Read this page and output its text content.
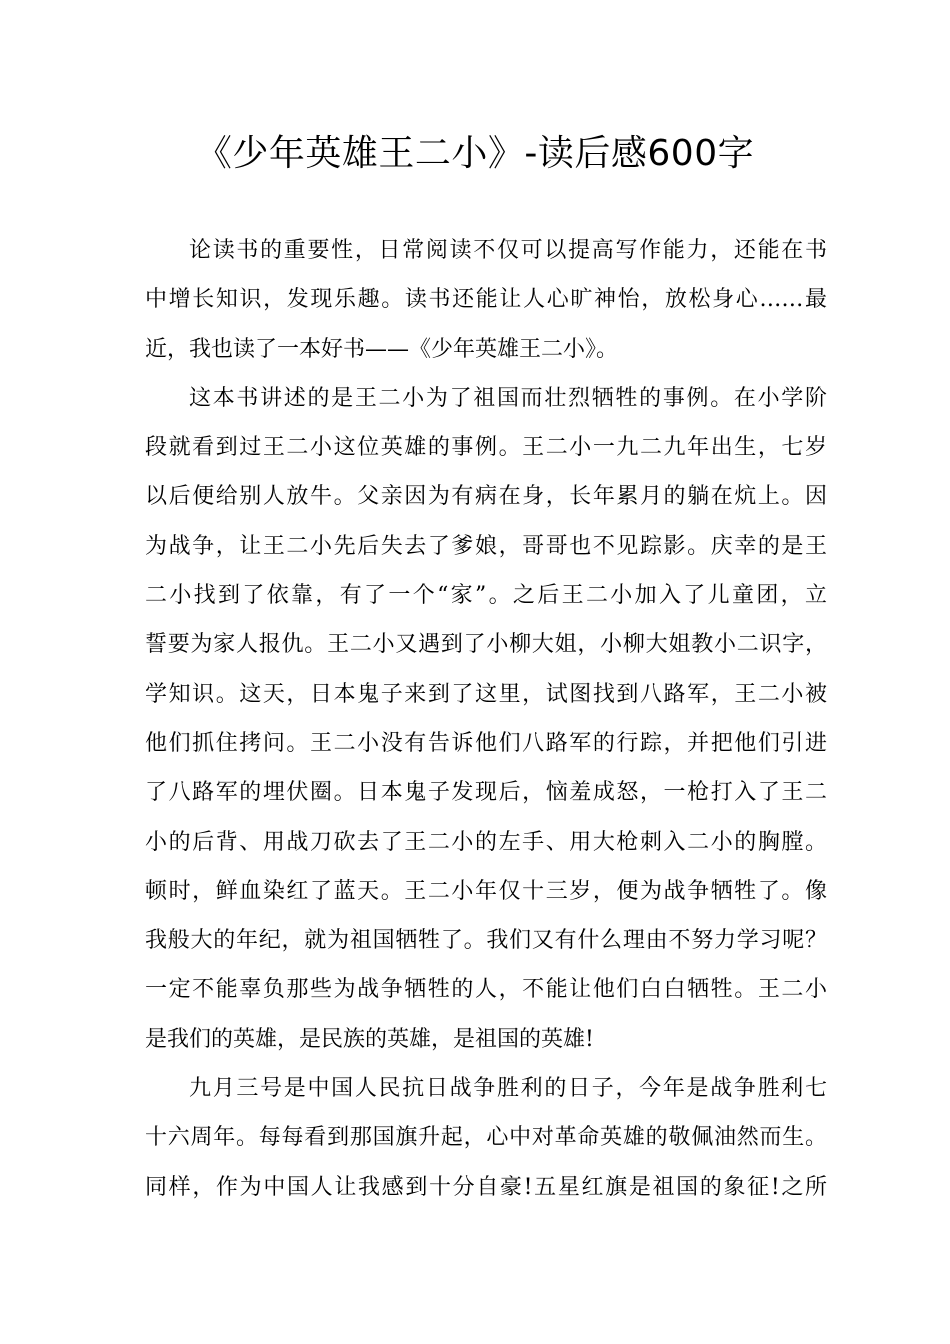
《少年英雄王二小》-读后感600字
论读书的重要性，日常阅读不仅可以提高写作能力，还能在书
中增长知识，发现乐趣。读书还能让人心旷神怡，放松身心……最
近，我也读了一本好书——《少年英雄王二小》。
这本书讲述的是王二小为了祖国而壮烈牺牲的事例。在小学阶
段就看到过王二小这位英雄的事例。王二小一九二九年出生，七岁
以后便给别人放牛。父亲因为有病在身，长年累月的躺在炕上。因
为战争，让王二小先后失去了爹娘，哥哥也不见踪影。庆幸的是王
二小找到了依靠，有了一个“家”。之后王二小加入了儿童团，立
誓要为家人报仇。王二小又遇到了小柳大姐，小柳大姐教小二识字，
学知识。这天，日本鬼子来到了这里，试图找到八路军，王二小被
他们抓住拷问。王二小没有告诉他们八路军的行踪，并把他们引进
了八路军的埋伏圈。日本鬼子发现后，恼羞成怒，一枪打入了王二
小的后背、用战刀砍去了王二小的左手、用大枪刺入二小的胸膛。
顿时，鲜血染红了蓝天。王二小年仅十三岁，便为战争牺牲了。像
我般大的年纪，就为祖国牺牲了。我们又有什么理由不努力学习呢？
一定不能辜负那些为战争牺牲的人，不能让他们白白牺牲。王二小
是我们的英雄，是民族的英雄，是祖国的英雄!
九月三号是中国人民抗日战争胜利的日子，今年是战争胜利七
十六周年。每每看到那国旗升起，心中对革命英雄的敬佩油然而生。
同样，作为中国人让我感到十分自豪!五星红旗是祖国的象征!之所
